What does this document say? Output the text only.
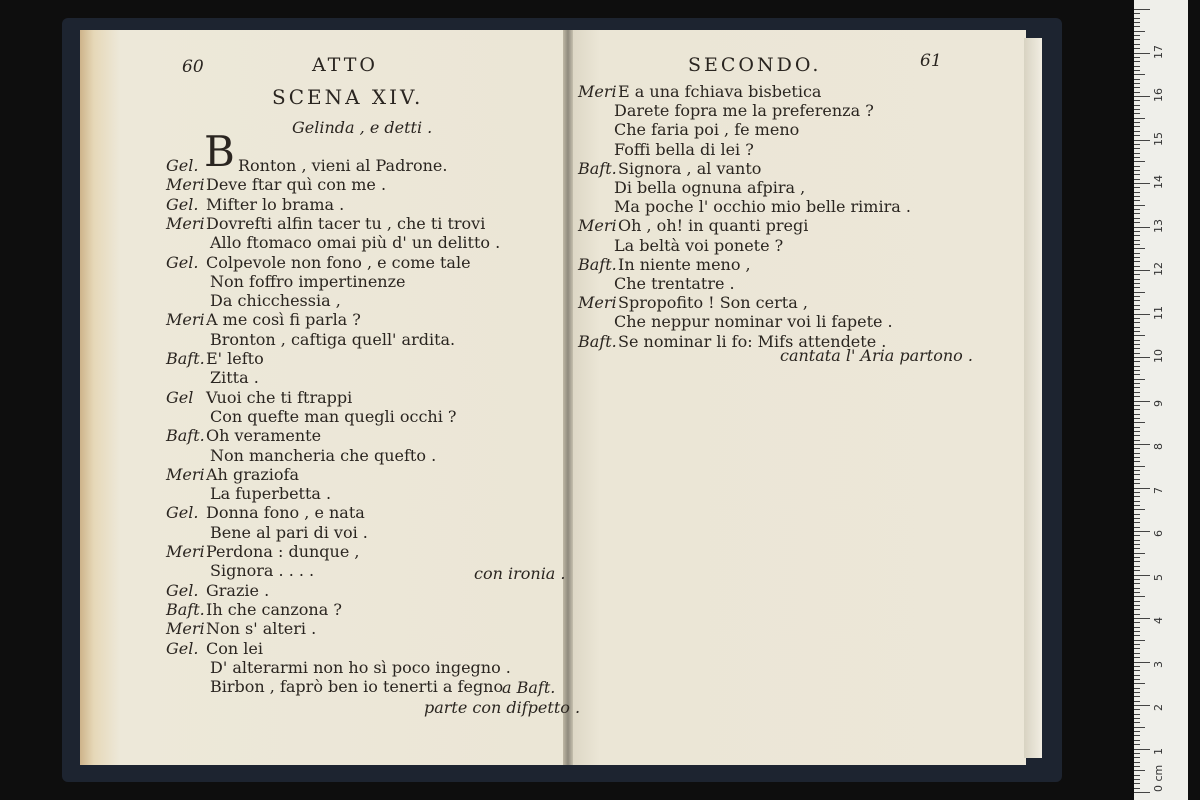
60	ATTO
SCENA XIV.
Gelinda , e detti .
B
Gel. Ronton , vieni al Padrone.
MeriDeve ftar quì con me .
Gel. Mifter lo brama .
MeriDovrefti alfin tacer tu , che ti trovi
Allo ftomaco omai più d' un delitto .
Gel. Colpevole non fono , e come tale
Non foffro impertinenze
Da chicchessia ,
MeriA me così fi parla ?
Bronton , caftiga quell' ardita.
Baft.E' lefto
Zitta .
Gel Vuoi che ti ftrappi
Con quefte man quegli occhi ?
Baft.Oh veramente
Non mancheria che quefto .
MeriAh graziofa
La fuperbetta .
Gel. Donna fono , e nata
Bene al pari di voi .
MeriPerdona : dunque ,
Signora . . . .
Gel. Grazie .
Baft.Ih che canzona ?
MeriNon s' alteri .
Gel. Con lei
D' alterarmi non ho sì poco ingegno .
Birbon , faprò ben io tenerti a fegno
con ironia .
a Baft.
parte con difpetto .
SECONDO.	61
MeriE a una fchiava bisbetica
Darete fopra me la preferenza ?
Che faria poi , fe meno
Foffi bella di lei ?
Baft.Signora , al vanto
Di bella ognuna afpira ,
Ma poche l' occhio mio belle rimira .
MeriOh , oh! in quanti pregi
La beltà voi ponete ?
Baft.In niente meno ,
Che trentatre .
MeriSpropofito ! Son certa ,
Che neppur nominar voi li fapete .
Baft.Se nominar li fo: Mifs attendete .
cantata l' Aria partono .
0 cm
1
2
3
4
5
6
7
8
9
10
11
12
13
14
15
16
17
